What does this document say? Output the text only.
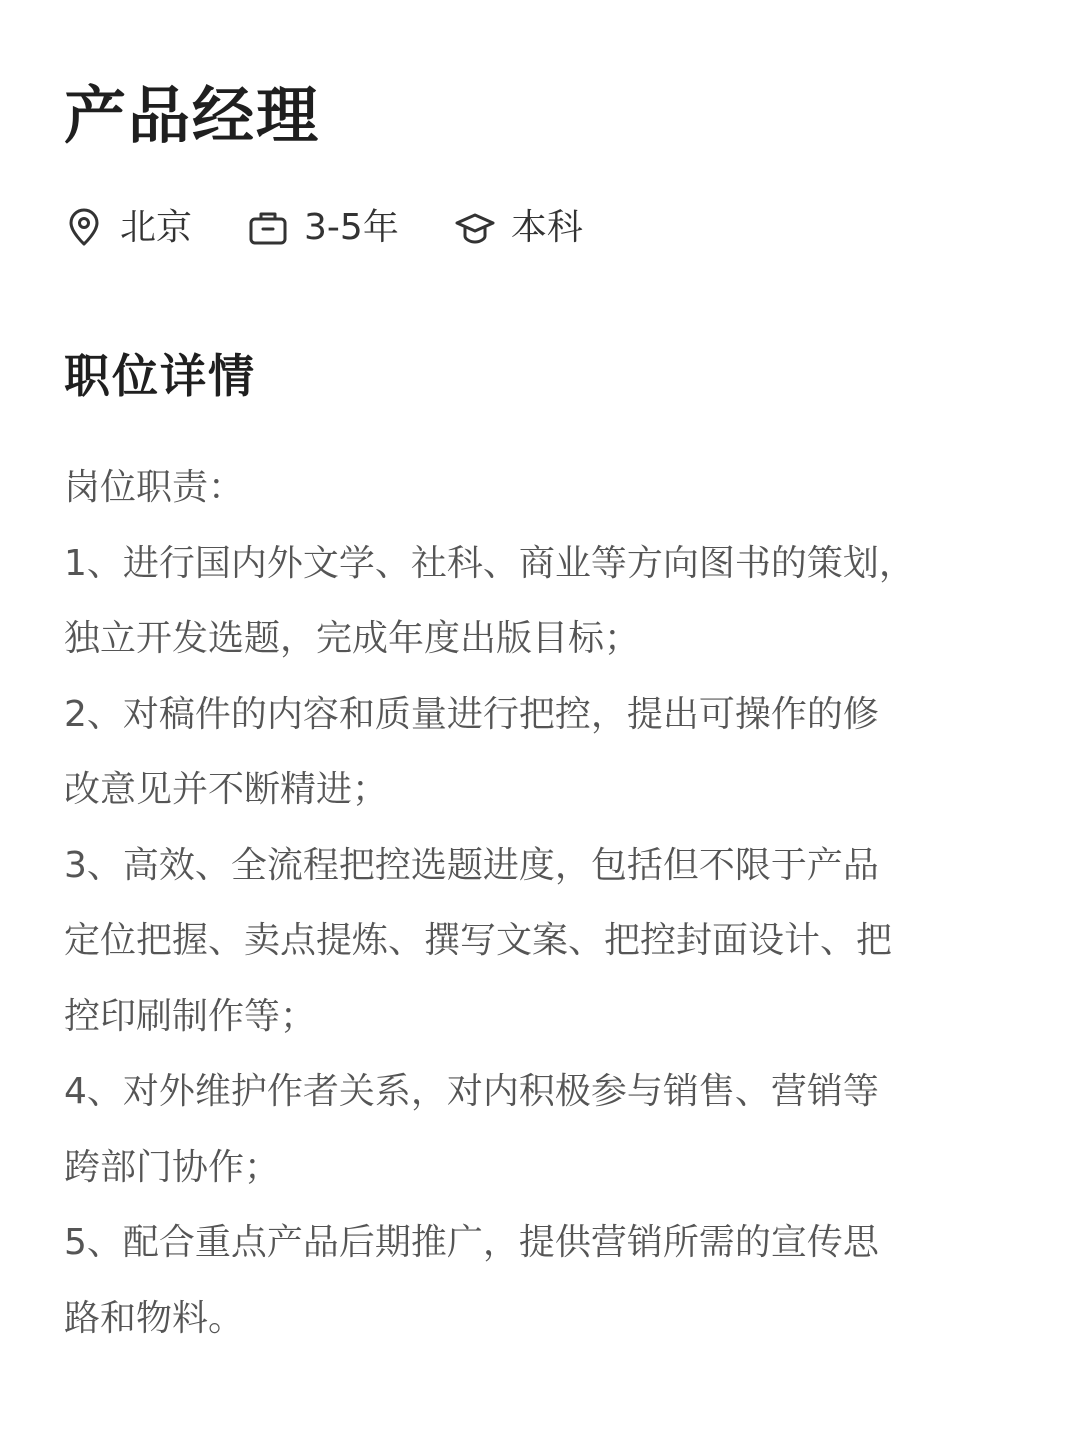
产品经理
北京	3-5年	本科
职位详情

岗位职责：

1、进行国内外文学、社科、商业等方向图书的策划，

独立开发选题，完成年度出版目标；

2、对稿件的内容和质量进行把控，提出可操作的修

改意见并不断精进；

3、高效、全流程把控选题进度，包括但不限于产品

定位把握、卖点提炼、撰写文案、把控封面设计、把

控印刷制作等；

4、对外维护作者关系，对内积极参与销售、营销等

跨部门协作；

5、配合重点产品后期推广，提供营销所需的宣传思

路和物料。
